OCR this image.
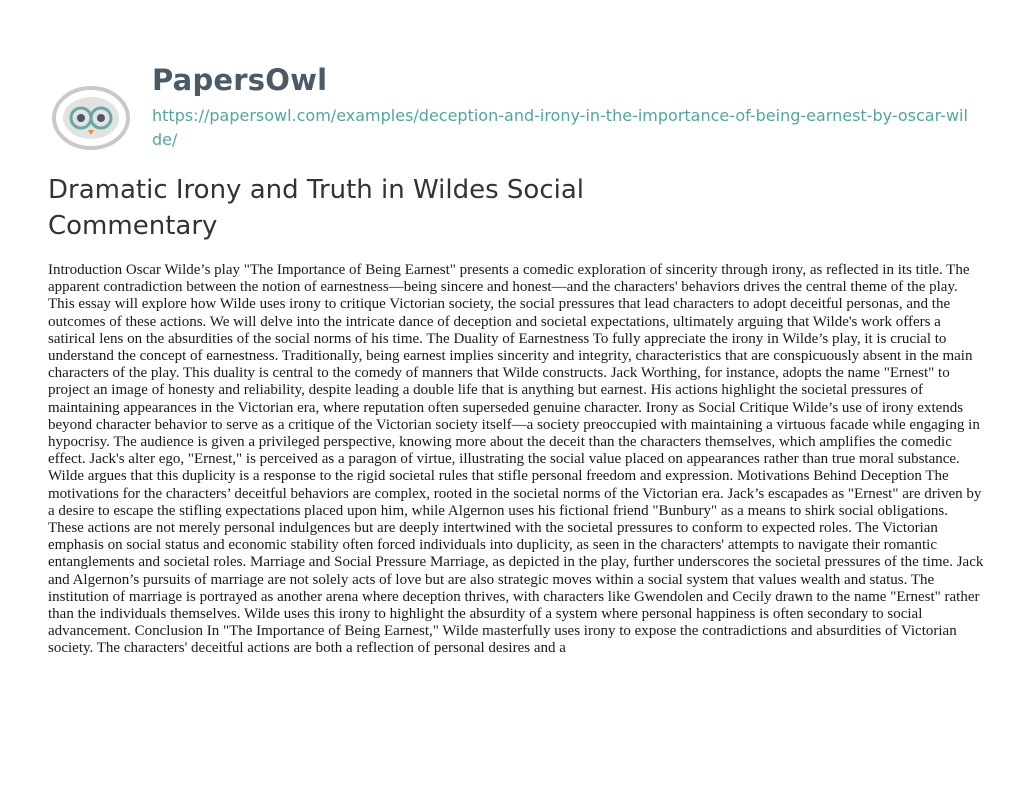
PapersOwl
https://papersowl.com/examples/deception-and-irony-in-the-importance-of-being-earnest-by-oscar-wilde/
Dramatic Irony and Truth in Wildes Social Commentary

Introduction Oscar Wilde’s play "The Importance of Being Earnest" presents a comedic exploration of sincerity through irony, as reflected in its title. The apparent contradiction between the notion of earnestness—being sincere and honest—and the characters' behaviors drives the central theme of the play. This essay will explore how Wilde uses irony to critique Victorian society, the social pressures that lead characters to adopt deceitful personas, and the outcomes of these actions. We will delve into the intricate dance of deception and societal expectations, ultimately arguing that Wilde's work offers a satirical lens on the absurdities of the social norms of his time. The Duality of Earnestness To fully appreciate the irony in Wilde’s play, it is crucial to understand the concept of earnestness. Traditionally, being earnest implies sincerity and integrity, characteristics that are conspicuously absent in the main characters of the play. This duality is central to the comedy of manners that Wilde constructs. Jack Worthing, for instance, adopts the name "Ernest" to project an image of honesty and reliability, despite leading a double life that is anything but earnest. His actions highlight the societal pressures of maintaining appearances in the Victorian era, where reputation often superseded genuine character. Irony as Social Critique Wilde’s use of irony extends beyond character behavior to serve as a critique of the Victorian society itself—a society preoccupied with maintaining a virtuous facade while engaging in hypocrisy. The audience is given a privileged perspective, knowing more about the deceit than the characters themselves, which amplifies the comedic effect. Jack's alter ego, "Ernest," is perceived as a paragon of virtue, illustrating the social value placed on appearances rather than true moral substance. Wilde argues that this duplicity is a response to the rigid societal rules that stifle personal freedom and expression. Motivations Behind Deception The motivations for the characters’ deceitful behaviors are complex, rooted in the societal norms of the Victorian era. Jack’s escapades as "Ernest" are driven by a desire to escape the stifling expectations placed upon him, while Algernon uses his fictional friend "Bunbury" as a means to shirk social obligations. These actions are not merely personal indulgences but are deeply intertwined with the societal pressures to conform to expected roles. The Victorian emphasis on social status and economic stability often forced individuals into duplicity, as seen in the characters' attempts to navigate their romantic entanglements and societal roles. Marriage and Social Pressure Marriage, as depicted in the play, further underscores the societal pressures of the time. Jack and Algernon’s pursuits of marriage are not solely acts of love but are also strategic moves within a social system that values wealth and status. The institution of marriage is portrayed as another arena where deception thrives, with characters like Gwendolen and Cecily drawn to the name "Ernest" rather than the individuals themselves. Wilde uses this irony to highlight the absurdity of a system where personal happiness is often secondary to social advancement. Conclusion In "The Importance of Being Earnest," Wilde masterfully uses irony to expose the contradictions and absurdities of Victorian society. The characters' deceitful actions are both a reflection of personal desires and a
